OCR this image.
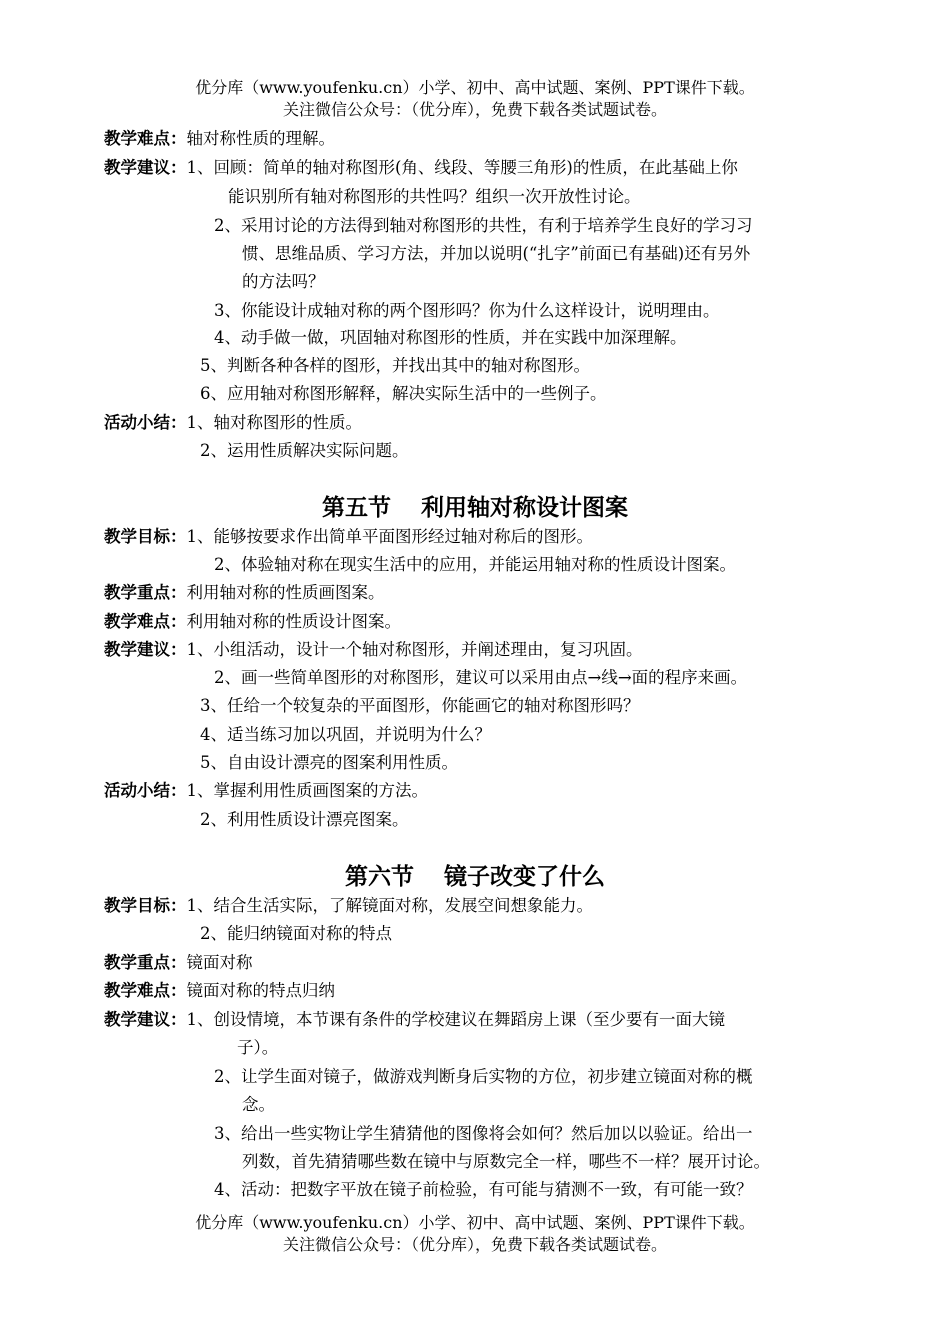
优分库（www.youfenku.cn）小学、初中、高中试题、案例、PPT课件下载。
关注微信公众号：（优分库），免费下载各类试题试卷。
教学难点：轴对称性质的理解。
教学建议：1、回顾：简单的轴对称图形(角、线段、等腰三角形)的性质，在此基础上你
能识别所有轴对称图形的共性吗？组织一次开放性讨论。
2、采用讨论的方法得到轴对称图形的共性，有利于培养学生良好的学习习
惯、思维品质、学习方法，并加以说明(“扎字”前面已有基础)还有另外
的方法吗？
3、你能设计成轴对称的两个图形吗？你为什么这样设计，说明理由。
4、动手做一做，巩固轴对称图形的性质，并在实践中加深理解。
5、判断各种各样的图形，并找出其中的轴对称图形。
6、应用轴对称图形解释，解决实际生活中的一些例子。
活动小结：1、轴对称图形的性质。
2、运用性质解决实际问题。
第五节 利用轴对称设计图案
教学目标：1、能够按要求作出简单平面图形经过轴对称后的图形。
2、体验轴对称在现实生活中的应用，并能运用轴对称的性质设计图案。
教学重点：利用轴对称的性质画图案。
教学难点：利用轴对称的性质设计图案。
教学建议：1、小组活动，设计一个轴对称图形，并阐述理由，复习巩固。
2、画一些简单图形的对称图形，建议可以采用由点→线→面的程序来画。
3、任给一个较复杂的平面图形，你能画它的轴对称图形吗？
4、适当练习加以巩固，并说明为什么？
5、自由设计漂亮的图案利用性质。
活动小结：1、掌握利用性质画图案的方法。
2、利用性质设计漂亮图案。
第六节 镜子改变了什么
教学目标：1、结合生活实际，了解镜面对称，发展空间想象能力。
2、能归纳镜面对称的特点
教学重点：镜面对称
教学难点：镜面对称的特点归纳
教学建议：1、创设情境，本节课有条件的学校建议在舞蹈房上课（至少要有一面大镜
子）。
2、让学生面对镜子，做游戏判断身后实物的方位，初步建立镜面对称的概
念。
3、给出一些实物让学生猜猜他的图像将会如何？然后加以以验证。给出一
列数，首先猜猜哪些数在镜中与原数完全一样，哪些不一样？展开讨论。
4、活动：把数字平放在镜子前检验，有可能与猜测不一致，有可能一致？
优分库（www.youfenku.cn）小学、初中、高中试题、案例、PPT课件下载。
关注微信公众号：（优分库），免费下载各类试题试卷。
